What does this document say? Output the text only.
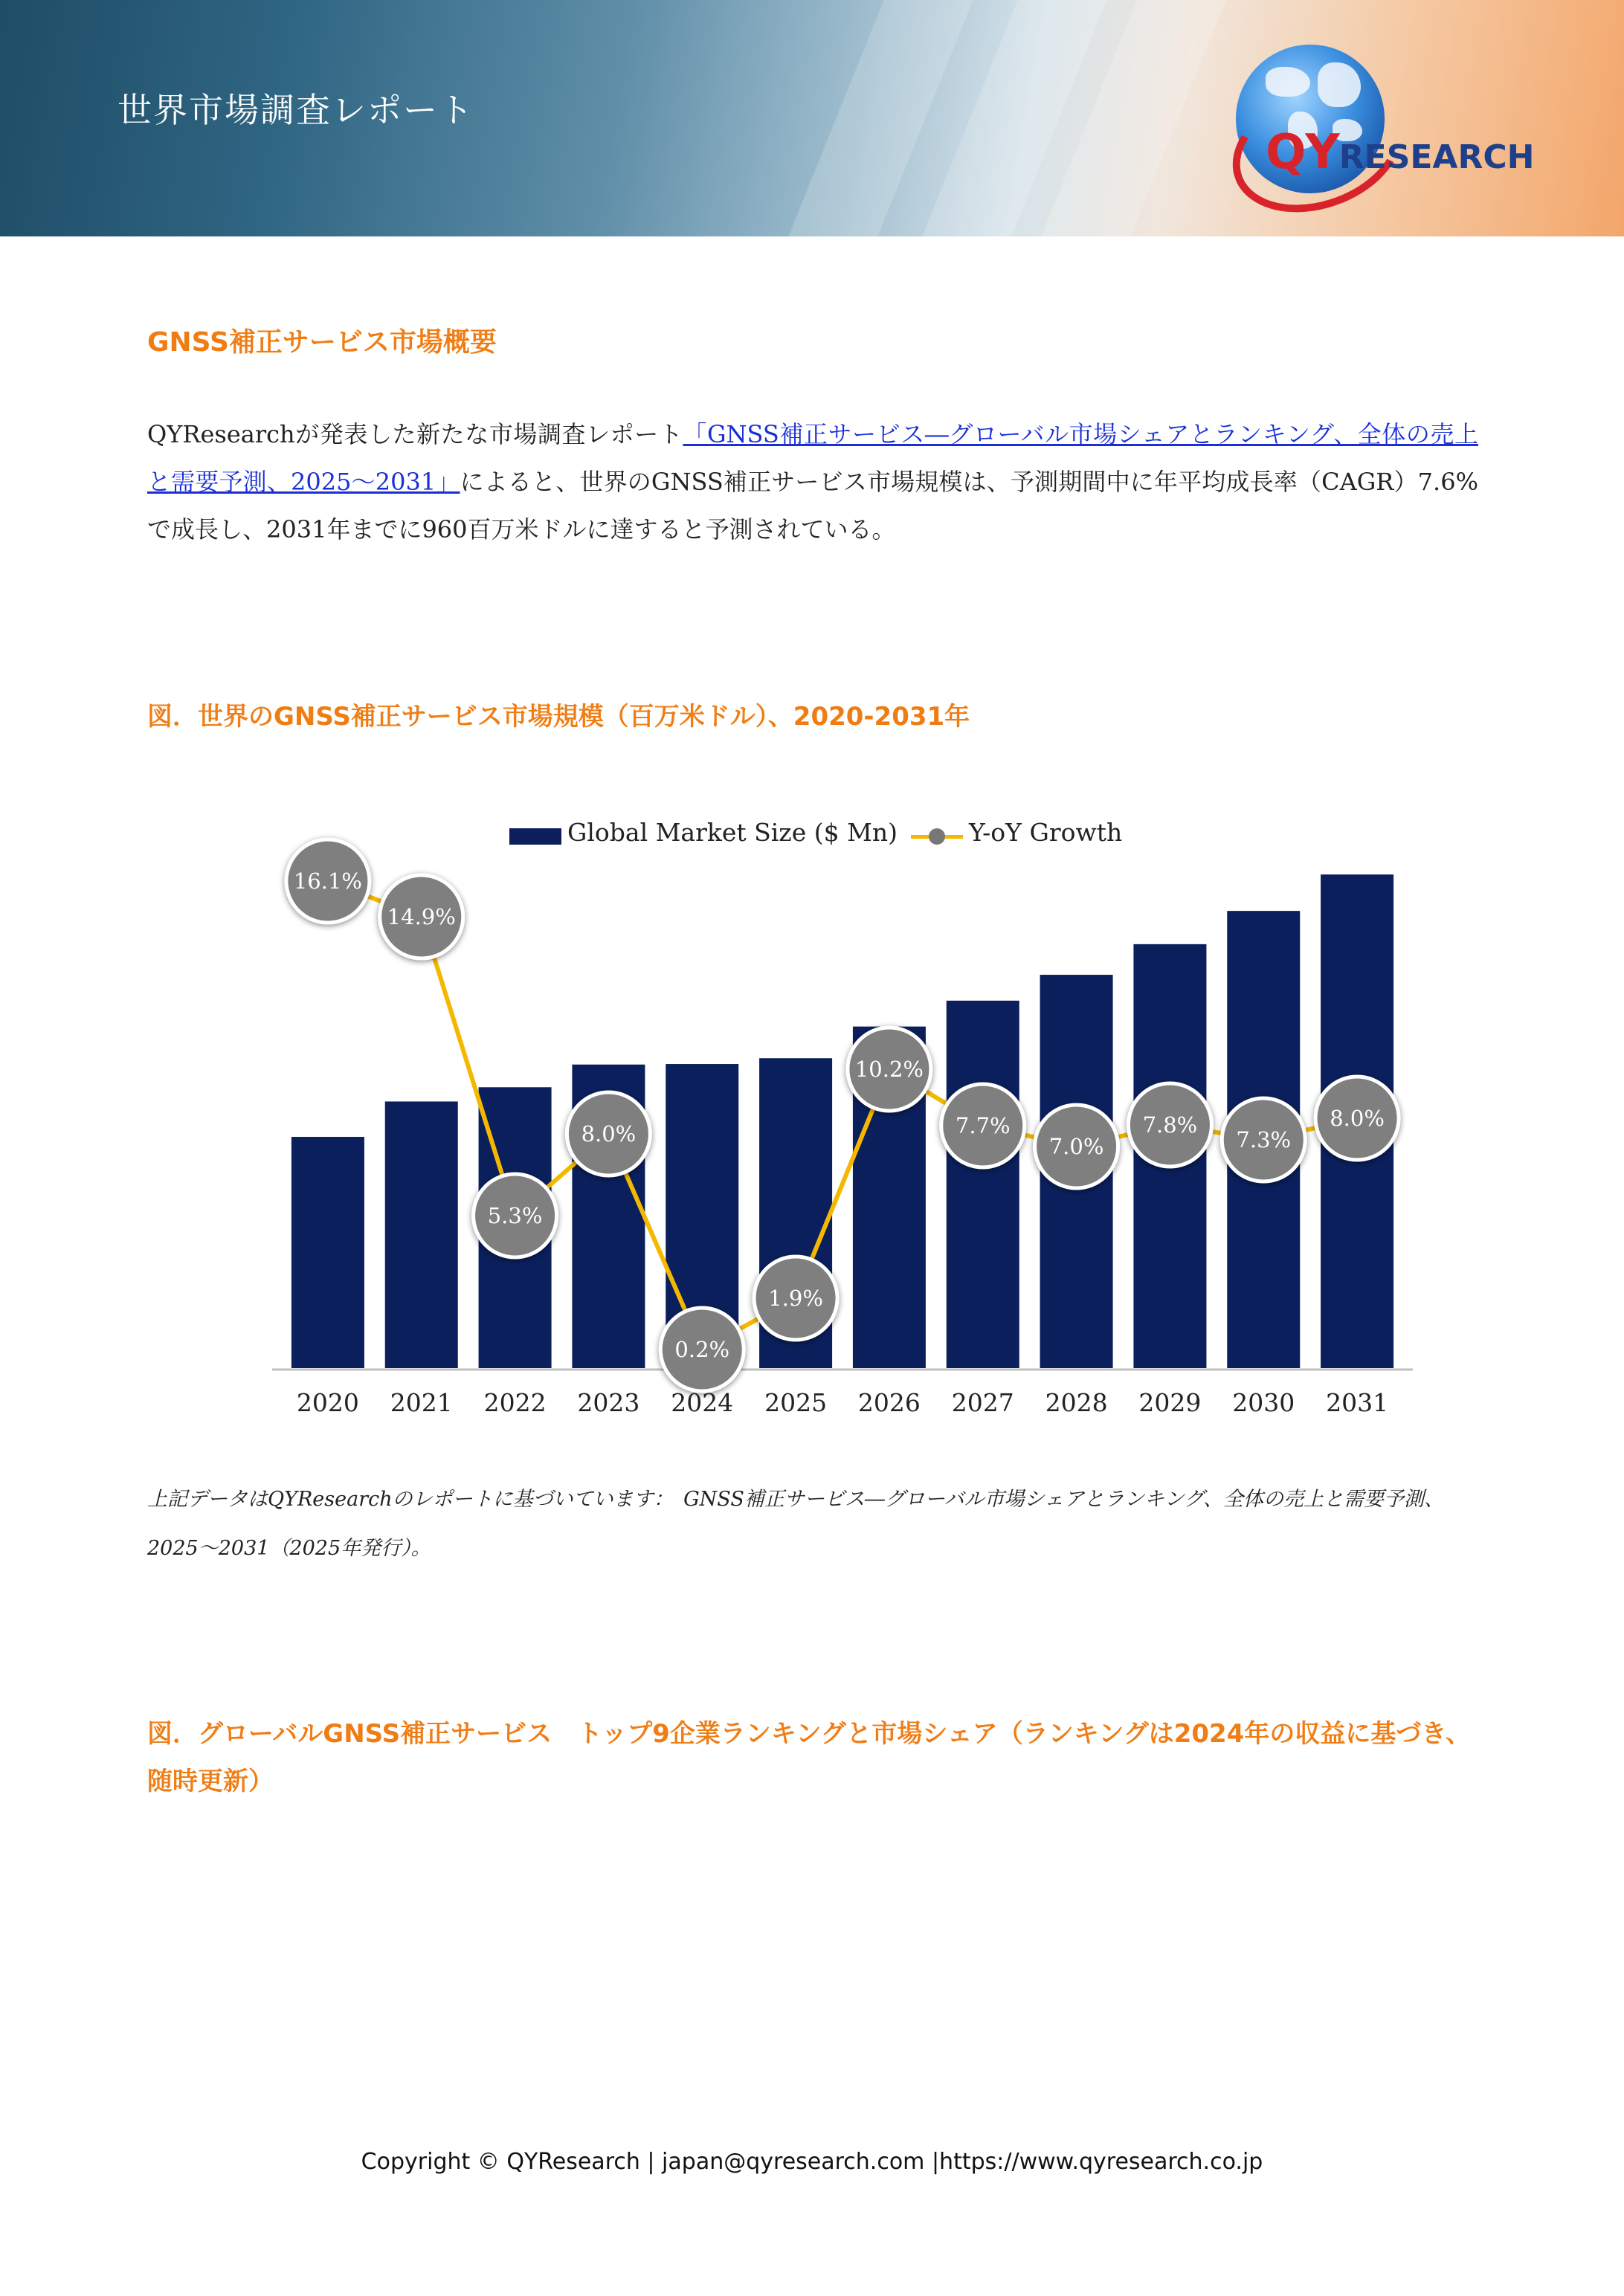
世界市場調査レポート
QYRESEARCH
GNSS補正サービス市場概要
QYResearchが発表した新たな市場調査レポート「GNSS補正サービス―グローバル市場シェアとランキング、全体の売上と需要予測、2025～2031」によると、世界のGNSS補正サービス市場規模は、予測期間中に年平均成長率（CAGR）7.6%で成長し、2031年までに960百万米ドルに達すると予測されている。
図．世界のGNSS補正サービス市場規模（百万米ドル）、2020-2031年
Global Market Size ($ Mn)	Y-oY Growth
16.1%
14.9%
5.3%
8.0%
0.2%
1.9%
10.2%
7.7%
7.0%
7.8%
7.3%
8.0%
2020 2021 2022 2023 2024 2025 2026 2027 2028 2029 2030 2031
上記データはQYResearchのレポートに基づいています：　GNSS補正サービス―グローバル市場シェアとランキング、全体の売上と需要予測、2025～2031（2025年発行）。
図．グローバルGNSS補正サービス　トップ9企業ランキングと市場シェア（ランキングは2024年の収益に基づき、随時更新）
Copyright © QYResearch | japan@qyresearch.com |https://www.qyresearch.co.jp
